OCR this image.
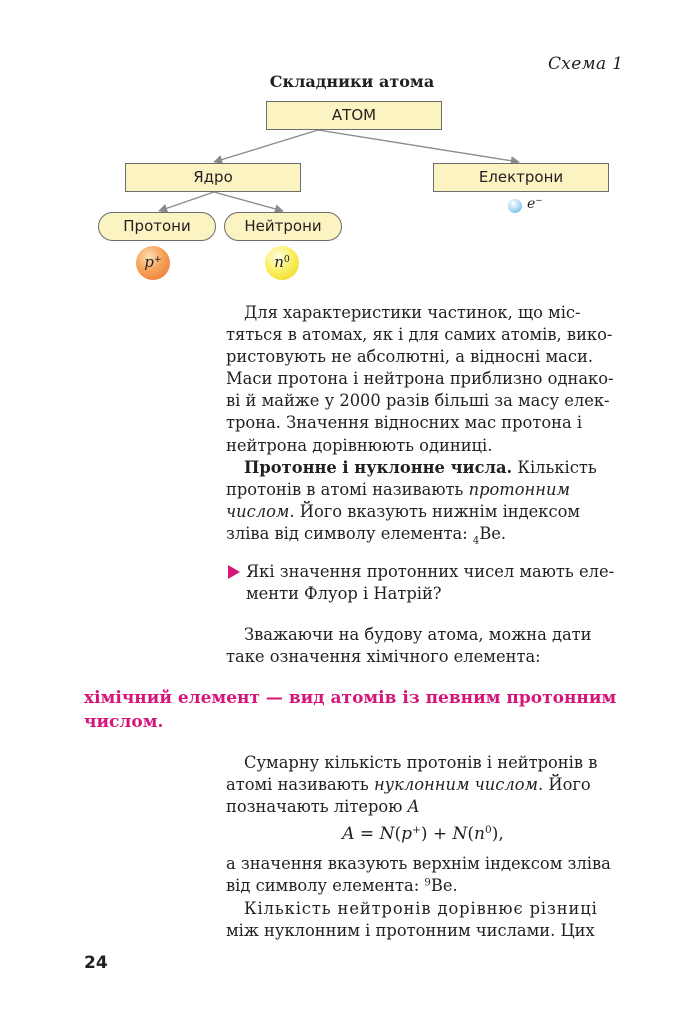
Схема 1
Складники атома
АТОМ
Ядро	Електрони
Протони	Нейтрони
p+	$n^0$
e−
Для характеристики частинок, що міс-
тяться в атомах, як і для самих атомів, вико-
ристовують не абсолютні, а відносні маси.
Маси протона і нейтрона приблизно однако-
ві й майже у 2000 разів більші за масу елек-
трона. Значення відносних мас протона і
нейтрона дорівнюють одиниці.
Протонне і нуклонне числа. Кількість
протонів в атомі називають протонним
числом. Його вказують нижнім індексом
зліва від символу елемента: $_4$Be.
Які значення протонних чисел мають еле-
менти Флуор і Натрій?
Зважаючи на будову атома, можна дати
таке означення хімічного елемента:
хімічний елемент — вид атомів із певним протонним
числом.
Сумарну кількість протонів і нейтронів в
атомі називають нуклонним числом. Його
позначають літерою A
$A = N(p^+) + N(n^0)$,
а значення вказують верхнім індексом зліва
від символу елемента: $^9$Be.
Кількість нейтронів дорівнює різниці
між нуклонним і протонним числами. Цих
24
